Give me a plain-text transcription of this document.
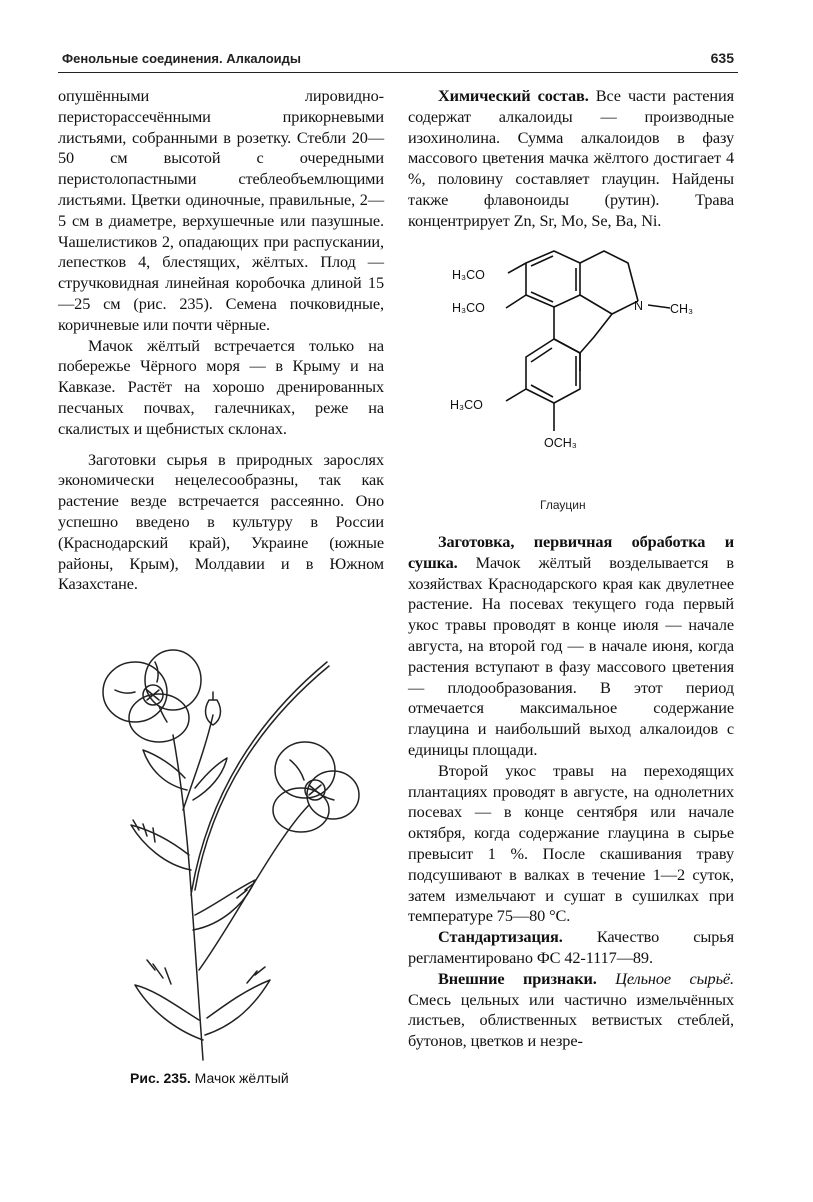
Фенольные соединения. Алкалоиды	635

опушёнными лировидно-перисторассечёнными прикорневыми листьями, собранными в розетку. Стебли 20—50 см высотой с очередными перистолопастными стеблеобъемлющими листьями. Цветки одиночные, правильные, 2—5 см в диаметре, верхушечные или пазушные. Чашелистиков 2, опадающих при распускании, лепестков 4, блестящих, жёлтых. Плод — стручковидная линейная коробочка длиной 15—25 см (рис. 235). Семена почковидные, коричневые или почти чёрные.

Мачок жёлтый встречается только на побережье Чёрного моря — в Крыму и на Кавказе. Растёт на хорошо дренированных песчаных почвах, галечниках, реже на скалистых и щебнистых склонах.

Заготовки сырья в природных зарослях экономически нецелесообразны, так как растение везде встречается рассеянно. Оно успешно введено в культуру в России (Краснодарский край), Украине (южные районы, Крым), Молдавии и в Южном Казахстане.

Химический состав. Все части растения содержат алкалоиды — производные изохинолина. Сумма алкалоидов в фазу массового цветения мачка жёлтого достигает 4 %, половину составляет глауцин. Найдены также флавоноиды (рутин). Трава концентрирует Zn, Sr, Mo, Se, Ba, Ni.

H₃CO
H₃CO
H₃CO
OCH₃
N CH₃
Глауцин

Заготовка, первичная обработка и сушка. Мачок жёлтый возделывается в хозяйствах Краснодарского края как двулетнее растение. На посевах текущего года первый укос травы проводят в конце июля — начале августа, на второй год — в начале июня, когда растения вступают в фазу массового цветения — плодообразования. В этот период отмечается максимальное содержание глауцина и наибольший выход алкалоидов с единицы площади.

Второй укос травы на переходящих плантациях проводят в августе, на однолетних посевах — в конце сентября или начале октября, когда содержание глауцина в сырье превысит 1 %. После скашивания траву подсушивают в валках в течение 1—2 суток, затем измельчают и сушат в сушилках при температуре 75—80 °С.

Стандартизация. Качество сырья регламентировано ФС 42-1117—89.

Внешние признаки. Цельное сырьё. Смесь цельных или частично измельчённых листьев, облиственных ветвистых стеблей, бутонов, цветков и незре-

Рис. 235. Мачок жёлтый
